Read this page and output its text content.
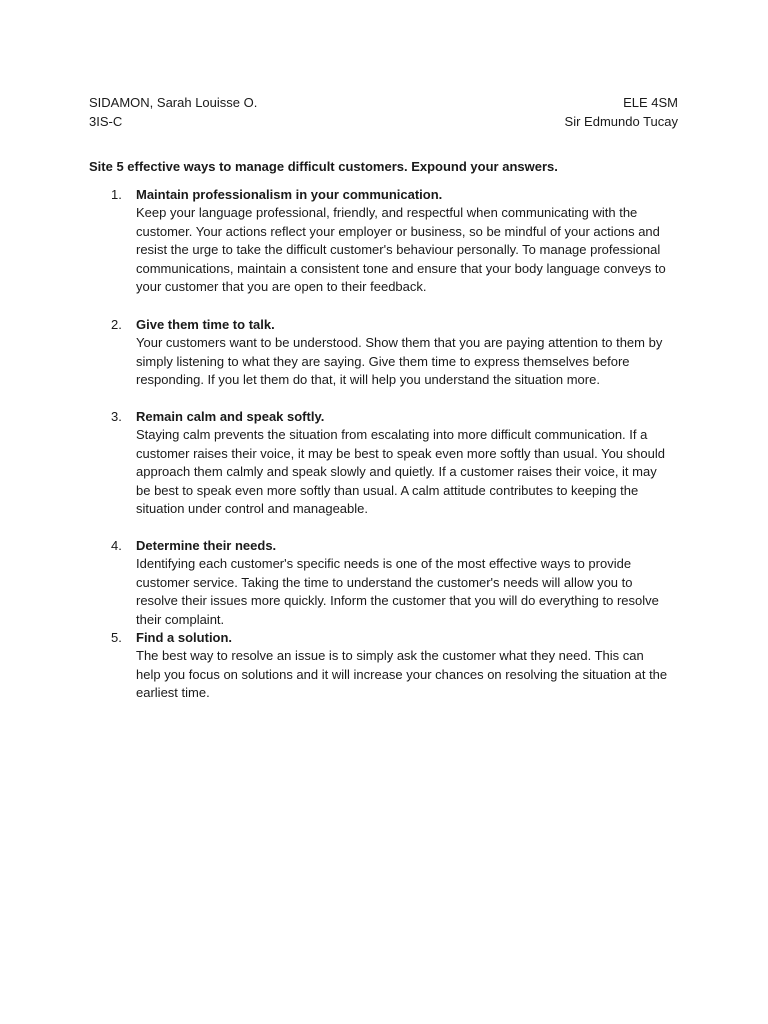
SIDAMON, Sarah Louisse O.	ELE 4SM
3IS-C	Sir Edmundo Tucay
Site 5 effective ways to manage difficult customers. Expound your answers.
1.	Maintain professionalism in your communication.
Keep your language professional, friendly, and respectful when communicating with the customer. Your actions reflect your employer or business, so be mindful of your actions and resist the urge to take the difficult customer's behaviour personally. To manage professional communications, maintain a consistent tone and ensure that your body language conveys to your customer that you are open to their feedback.
2.	Give them time to talk.
Your customers want to be understood. Show them that you are paying attention to them by simply listening to what they are saying. Give them time to express themselves before responding. If you let them do that, it will help you understand the situation more.
3.	Remain calm and speak softly.
Staying calm prevents the situation from escalating into more difficult communication. If a customer raises their voice, it may be best to speak even more softly than usual. You should approach them calmly and speak slowly and quietly. If a customer raises their voice, it may be best to speak even more softly than usual. A calm attitude contributes to keeping the situation under control and manageable.
4.	Determine their needs.
Identifying each customer's specific needs is one of the most effective ways to provide customer service. Taking the time to understand the customer's needs will allow you to resolve their issues more quickly. Inform the customer that you will do everything to resolve their complaint.
5.	Find a solution.
The best way to resolve an issue is to simply ask the customer what they need. This can help you focus on solutions and it will increase your chances on resolving the situation at the earliest time.
